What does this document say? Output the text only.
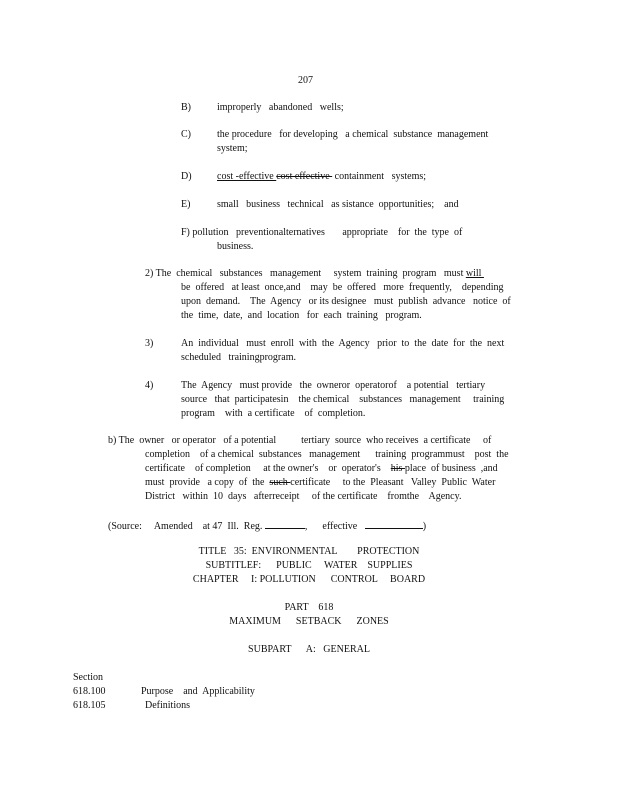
207
B)	improperly   abandoned   wells;
C)	the procedure   for developing   a chemical  substance  management
system;
D)	cost -effective cost effective  containment   systems;
E)	small   business   technical   as sistance  opportunities;    and
F) pollution   preventionalternatives       appropriate    for  the  type  of
business.
2) The  chemical   substances   management     system  training  program   must will
be  offered   at least  once,and    may  be  offered   more  frequently,    depending
upon  demand.    The  Agency   or its designee   must  publish  advance   notice  of
the  time,  date,  and  location   for  each  training   program.
3)	An  individual   must  enroll  with  the  Agency   prior  to  the  date  for  the  next
scheduled   trainingprogram.
4)	The  Agency   must provide   the  owneror  operatorof    a potential   tertiary
source   that  participatesin    the chemical    substances   management     training
program    with  a certificate    of  completion.
b) The  owner   or operator   of a potential          tertiary  source  who receives  a certificate     of
completion    of a chemical  substances   management      training  programmust    post  the
certificate    of completion     at the owner's    or  operator's    his place  of business  ,and
must  provide   a copy  of  the  such certificate     to the  Pleasant   Valley  Public  Water
District   within  10  days   afterreceipt     of the certificate    fromthe    Agency.
(Source:     Amended    at 47  Ill.  Reg.	,      effective	)
TITLE   35:  ENVIRONMENTAL        PROTECTION
SUBTITLEF:      PUBLIC     WATER    SUPPLIES
CHAPTER     I: POLLUTION      CONTROL     BOARD
PART    618
MAXIMUM      SETBACK      ZONES
SUBPART      A:   GENERAL
Section
618.100	Purpose    and  Applicability
618.105	Definitions
